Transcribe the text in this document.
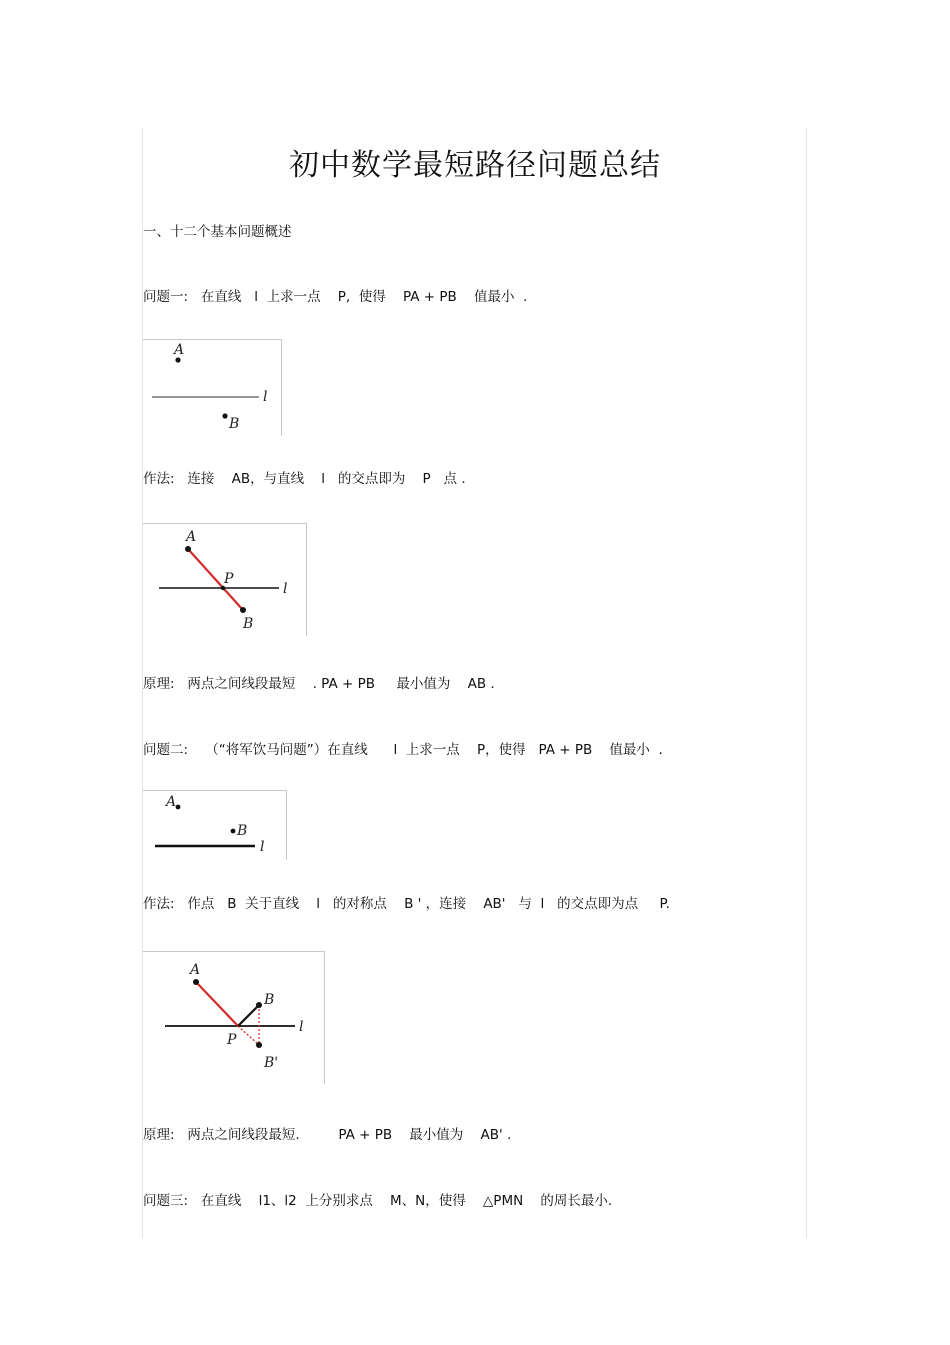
初中数学最短路径问题总结
一、十二个基本问题概述
问题一:   在直线   l  上求一点    P,  使得    PA + PB    值最小  .
A
B
l
作法:   连接    AB，与直线    l   的交点即为    P   点 .
A
P
B
l
原理:   两点之间线段最短    . PA + PB     最小值为    AB .
问题二:    （“将军饮马问题”）在直线      l  上求一点    P，使得   PA + PB    值最小  .
A
B
l
作法:   作点   B  关于直线    l   的对称点    B ' ，连接    AB'   与  l   的交点即为点     P.
A
B
P
B'
l
原理:   两点之间线段最短.         PA + PB    最小值为    AB' .
问题三:   在直线    l1、l2  上分别求点    M、N，使得    △PMN    的周长最小.
